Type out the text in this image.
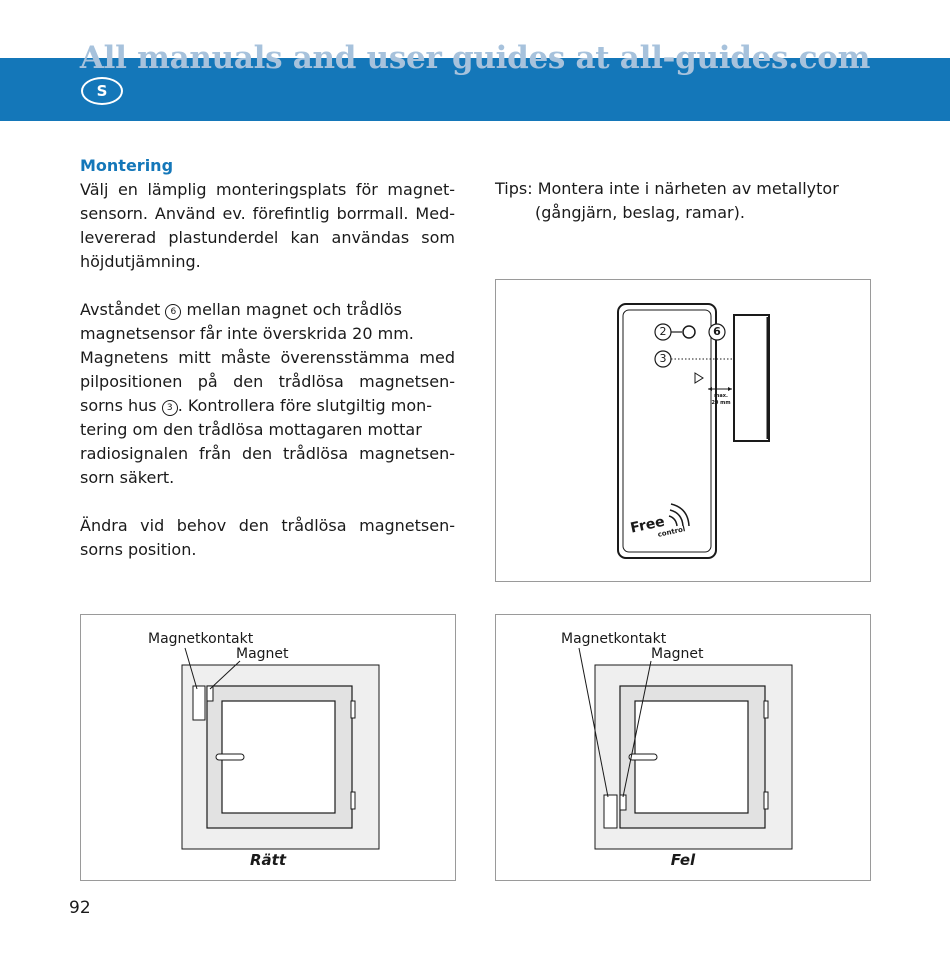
All manuals and user guides at all-guides.com
S
Montering
Välj en lämplig monteringsplats för magnet-
sensorn. Använd ev. förefintlig borrmall. Med-
levererad plastunderdel kan användas som
höjdutjämning.
Avståndet 6 mellan magnet och trådlös
magnetsensor får inte överskrida 20 mm.
Magnetens mitt måste överensstämma med
pilpositionen på den trådlösa magnetsen-
sorns hus 3 . Kontrollera före slutgiltig mon-
tering om den trådlösa mottagaren mottar
radiosignalen från den trådlösa magnetsen-
sorn säkert.
Ändra vid behov den trådlösa magnetsen-
sorns position.
Tips: Montera inte i närheten av metallytor
(gångjärn, beslag, ramar).
2	6
3
max.
20 mm
Free
control
Magnetkontakt
Magnet
Rätt
Magnetkontakt
Magnet
Fel
92
